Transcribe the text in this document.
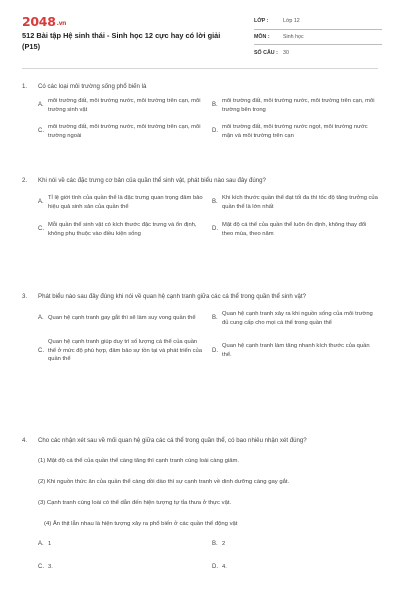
2048.vn
512 Bài tập Hệ sinh thái - Sinh học 12 cực hay có lời giải (P15)
LỚP :	Lớp 12
MÔN :	Sinh học
SỐ CÂU : 30
1.	Có các loại môi trường sống phổ biến là
A.
môi trường đất, môi trường nước, môi trường trên cạn, môi trường sinh vật
B.
môi trường đất, môi trường nước, môi trường trên cạn, môi trường bên trong
C.
môi trường đất, môi trường nước, môi trường trên cạn, môi trường ngoài
D.
môi trường đất, môi trường nước ngọt, môi trường nước mặn và môi trường trên cạn
2.	Khi nói về các đặc trưng cơ bản của quần thể sinh vật, phát biểu nào sau đây đúng?
A.
Tỉ lệ giới tính của quần thể là đặc trưng quan trọng đảm bảo hiệu quả sinh sản của quần thể
B.
Khi kích thước quần thể đạt tối đa thì tốc độ tăng trưởng của quần thể là lớn nhất
C.
Mỗi quần thể sinh vật có kích thước đặc trưng và ổn định, không phụ thuộc vào điều kiện sống
D.
Mật độ cá thể của quần thể luôn ổn định, không thay đổi theo mùa, theo năm
3.	Phát biểu nào sau đây đúng khi nói về quan hệ cạnh tranh giữa các cá thể trong quần thể sinh vật?
A. Quan hệ cạnh tranh gay gắt thì sẽ làm suy vong quần thể	B.
Quan hệ cạnh tranh xảy ra khi nguồn sống của môi trường đủ cung cấp cho mọi cá thể trong quần thể
C.
Quan hệ cạnh tranh giúp duy trì số lượng cá thể của quần thể ở mức độ phù hợp, đảm bảo sự tồn tại và phát triển của quần thể
D.
Quan hệ cạnh tranh làm tăng nhanh kích thước của quần thể.
4.	Cho các nhận xét sau về mối quan hệ giữa các cá thể trong quần thể, có bao nhiêu nhận xét đúng?
(1) Mật độ cá thể của quần thể càng tăng thì cạnh tranh cùng loài càng giảm.
(2) Khi nguồn thức ăn của quần thể càng dồi dào thì sự cạnh tranh về dinh dưỡng càng gay gắt.
(3) Cạnh tranh cùng loài có thể dẫn đến hiện tượng tự tỉa thưa ở thực vật.
(4) Ăn thịt lẫn nhau là hiện tượng xảy ra phổ biến ở các quần thể động vật
A. 1	B. 2
C. 3.	D. 4.
